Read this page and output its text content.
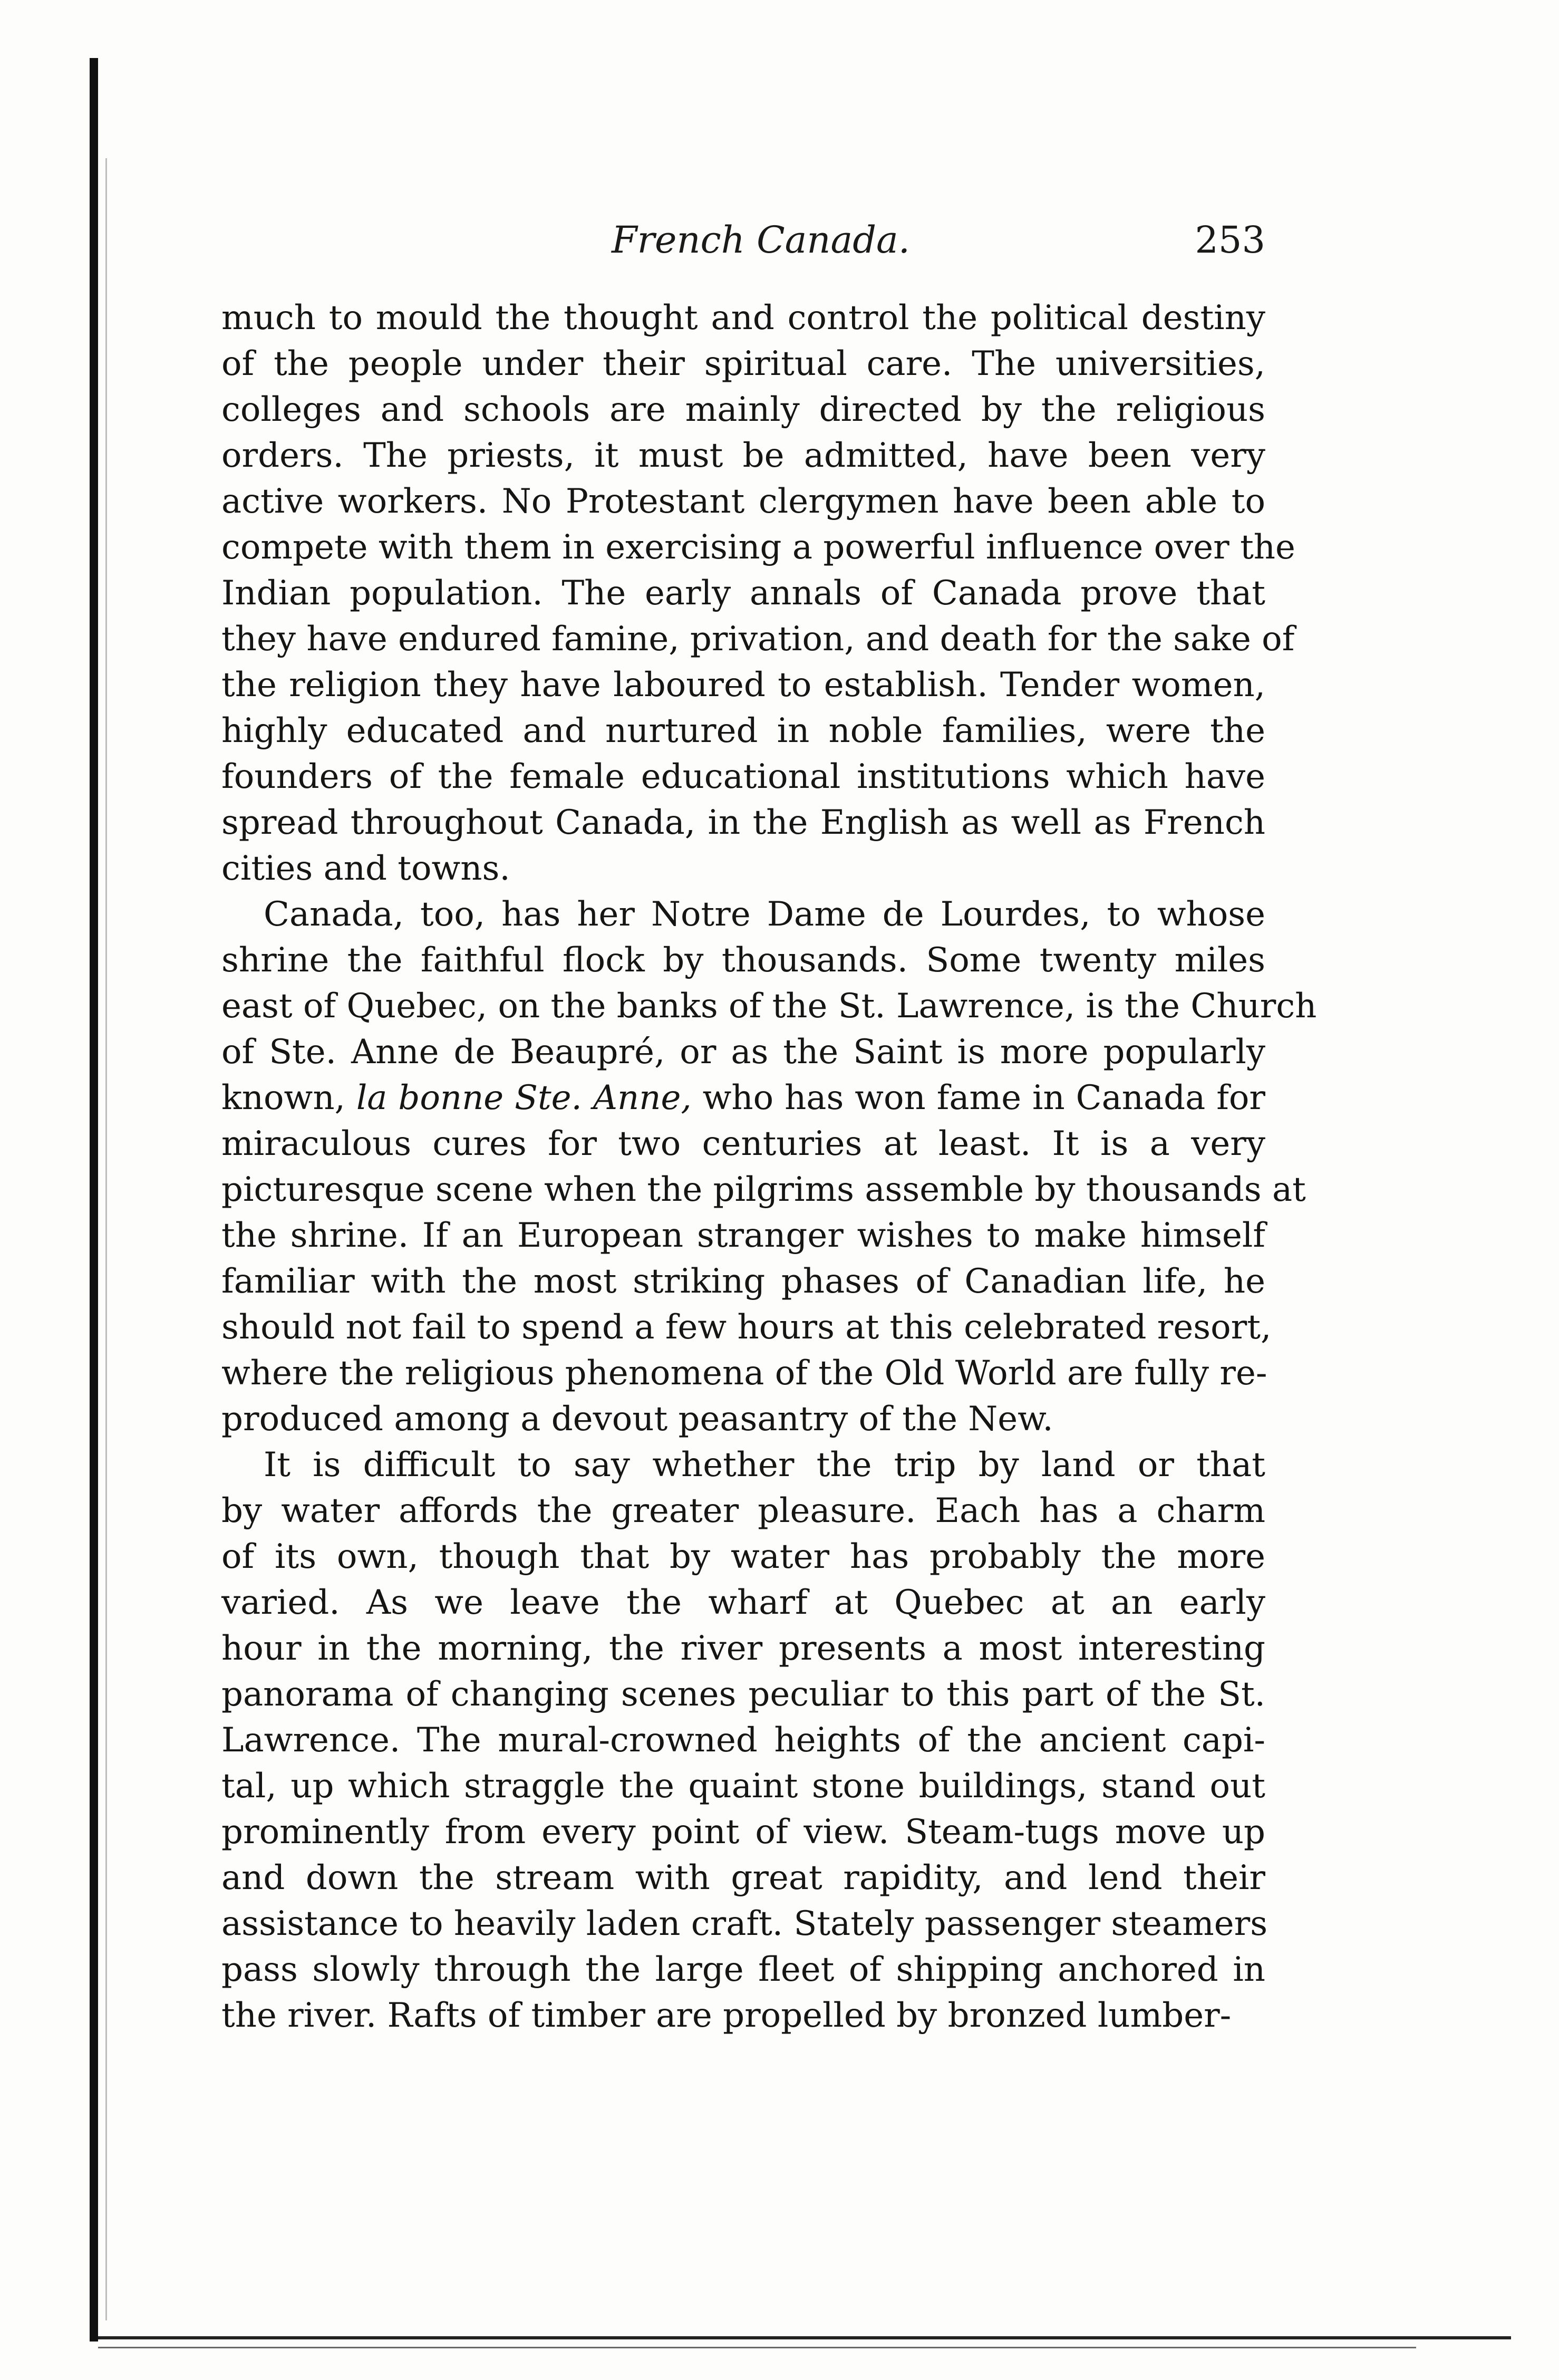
French Canada.	253
much to mould the thought and control the political destiny
of the people under their spiritual care. The universities,
colleges and schools are mainly directed by the religious
orders. The priests, it must be admitted, have been very
active workers. No Protestant clergymen have been able to
compete with them in exercising a powerful influence over the
Indian population. The early annals of Canada prove that
they have endured famine, privation, and death for the sake of
the religion they have laboured to establish. Tender women,
highly educated and nurtured in noble families, were the
founders of the female educational institutions which have
spread throughout Canada, in the English as well as French
cities and towns.
Canada, too, has her Notre Dame de Lourdes, to whose
shrine the faithful flock by thousands. Some twenty miles
east of Quebec, on the banks of the St. Lawrence, is the Church
of Ste. Anne de Beaupré, or as the Saint is more popularly
known, la bonne Ste. Anne, who has won fame in Canada for
miraculous cures for two centuries at least. It is a very
picturesque scene when the pilgrims assemble by thousands at
the shrine. If an European stranger wishes to make himself
familiar with the most striking phases of Canadian life, he
should not fail to spend a few hours at this celebrated resort,
where the religious phenomena of the Old World are fully re-
produced among a devout peasantry of the New.
It is difficult to say whether the trip by land or that
by water affords the greater pleasure. Each has a charm
of its own, though that by water has probably the more
varied. As we leave the wharf at Quebec at an early
hour in the morning, the river presents a most interesting
panorama of changing scenes peculiar to this part of the St.
Lawrence. The mural-crowned heights of the ancient capi-
tal, up which straggle the quaint stone buildings, stand out
prominently from every point of view. Steam-tugs move up
and down the stream with great rapidity, and lend their
assistance to heavily laden craft. Stately passenger steamers
pass slowly through the large fleet of shipping anchored in
the river. Rafts of timber are propelled by bronzed lumber-
